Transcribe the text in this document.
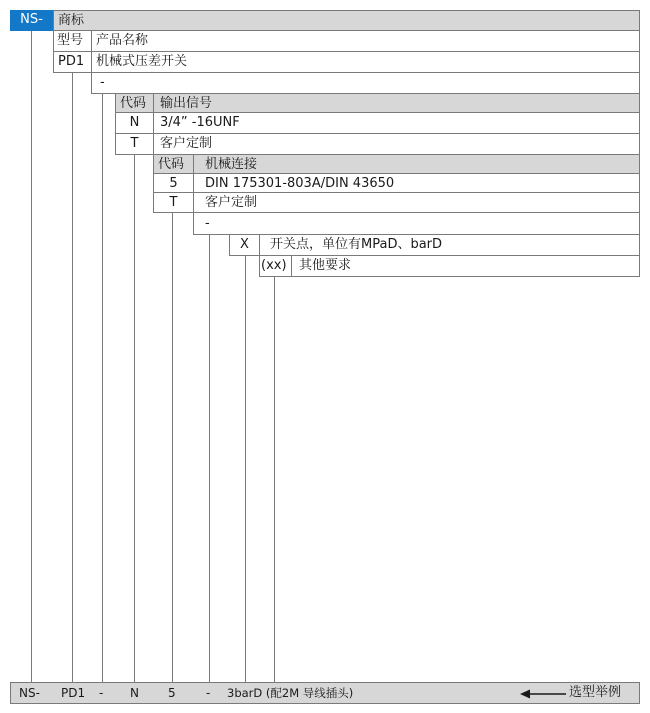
NS-	商标
型号 产品名称
PD1 机械式压差开关
-
代码 输出信号
N	3/4” -16UNF
T	客户定制
代码 机械连接
5	DIN 175301-803A/DIN 43650
T	客户定制
-
X	开关点，单位有MPaD、barD
(xx) 其他要求
NS- PD1 - N 5	- 3barD (配2M 导线插头)	选型举例
